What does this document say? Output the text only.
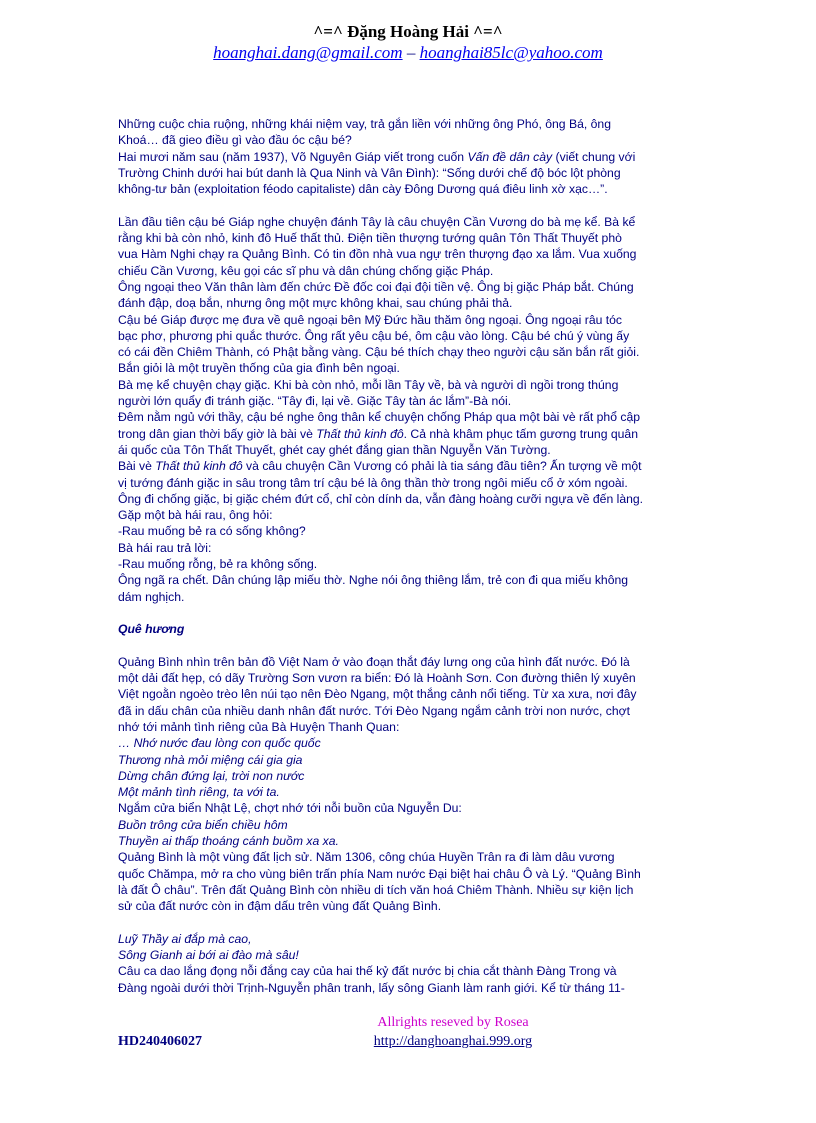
^=^ Đặng Hoàng Hải ^=^
hoanghai.dang@gmail.com – hoanghai85lc@yahoo.com
Những cuộc chia ruộng, những khái niệm vay, trả gắn liền với những ông Phó, ông Bá, ông
Khoá… đã gieo điều gì vào đầu óc cậu bé?
Hai mươi năm sau (năm 1937), Võ Nguyên Giáp viết trong cuốn Vấn đề dân cày (viết chung với
Trường Chinh dưới hai bút danh là Qua Ninh và Vân Đình): “Sống dưới chế độ bóc lột phòng
không-tư bản (exploitation féodo capitaliste) dân cày Đông Dương quá điêu linh xờ xạc…”.
Lần đầu tiên cậu bé Giáp nghe chuyện đánh Tây là câu chuyện Cần Vương do bà mẹ kể. Bà kể
rằng khi bà còn nhỏ, kinh đô Huế thất thủ. Điện tiền thượng tướng quân Tôn Thất Thuyết phò
vua Hàm Nghi chạy ra Quảng Bình. Có tin đồn nhà vua ngự trên thượng đạo xa lắm. Vua xuống
chiếu Cần Vương, kêu gọi các sĩ phu và dân chúng chống giặc Pháp.
Ông ngoại theo Văn thân làm đến chức Đề đốc coi đại đội tiền vệ. Ông bị giặc Pháp bắt. Chúng
đánh đập, doạ bắn, nhưng ông một mực không khai, sau chúng phải thả.
Cậu bé Giáp được mẹ đưa về quê ngoại bên Mỹ Đức hầu thăm ông ngoại. Ông ngoại râu tóc
bạc phơ, phương phi quắc thước. Ông rất yêu cậu bé, ôm cậu vào lòng. Cậu bé chú ý vùng ấy
có cái đền Chiêm Thành, có Phật bằng vàng. Cậu bé thích chạy theo người cậu săn bắn rất giỏi.
Bắn giỏi là một truyền thống của gia đình bên ngoại.
Bà mẹ kể chuyện chạy giặc. Khi bà còn nhỏ, mỗi lần Tây về, bà và người dì ngồi trong thúng
người lớn quẩy đi tránh giặc. “Tây đi, lại về. Giặc Tây tàn ác lắm”-Bà nói.
Đêm nằm ngủ với thầy, cậu bé nghe ông thân kể chuyện chống Pháp qua một bài vè rất phổ cập
trong dân gian thời bấy giờ là bài vè Thất thủ kinh đô. Cả nhà khâm phục tấm gương trung quân
ái quốc của Tôn Thất Thuyết, ghét cay ghét đắng gian thần Nguyễn Văn Tường.
Bài vè Thất thủ kinh đô và câu chuyện Cần Vương có phải là tia sáng đầu tiên? Ấn tượng về một
vị tướng đánh giặc in sâu trong tâm trí cậu bé là ông thần thờ trong ngôi miếu cổ ở xóm ngoài.
Ông đi chống giặc, bị giặc chém đứt cổ, chỉ còn dính da, vẫn đàng hoàng cưỡi ngựa về đến làng.
Gặp một bà hái rau, ông hỏi:
-Rau muống bẻ ra có sống không?
Bà hái rau trả lời:
-Rau muống rỗng, bẻ ra không sống.
Ông ngã ra chết. Dân chúng lập miếu thờ. Nghe nói ông thiêng lắm, trẻ con đi qua miếu không
dám nghịch.
Quê hương
Quảng Bình nhìn trên bản đồ Việt Nam ở vào đoạn thắt đáy lưng ong của hình đất nước. Đó là
một dải đất hẹp, có dãy Trường Sơn vươn ra biển: Đó là Hoành Sơn. Con đường thiên lý xuyên
Việt ngoằn ngoèo trèo lên núi tạo nên Đèo Ngang, một thắng cảnh nổi tiếng. Từ xa xưa, nơi đây
đã in dấu chân của nhiều danh nhân đất nước. Tới Đèo Ngang ngắm cảnh trời non nước, chợt
nhớ tới mảnh tình riêng của Bà Huyện Thanh Quan:
… Nhớ nước đau lòng con quốc quốc
Thương nhà mỏi miệng cái gia gia
Dừng chân đứng lại, trời non nước
Một mảnh tình riêng, ta với ta.
Ngắm cửa biển Nhật Lệ, chợt nhớ tới nỗi buồn của Nguyễn Du:
Buồn trông cửa biển chiều hôm
Thuyền ai thấp thoáng cánh buồm xa xa.
Quảng Bình là một vùng đất lịch sử. Năm 1306, công chúa Huyền Trân ra đi làm dâu vương
quốc Chămpa, mở ra cho vùng biên trấn phía Nam nước Đại biệt hai châu Ô và Lý. “Quảng Bình
là đất Ô châu”. Trên đất Quảng Bình còn nhiều di tích văn hoá Chiêm Thành. Nhiều sự kiện lịch
sử của đất nước còn in đậm dấu trên vùng đất Quảng Bình.
Luỹ Thầy ai đắp mà cao,
Sông Gianh ai bới ai đào mà sâu!
Câu ca dao lắng đọng nỗi đắng cay của hai thế kỷ đất nước bị chia cắt thành Đàng Trong và
Đàng ngoài dưới thời Trịnh-Nguyễn phân tranh, lấy sông Gianh làm ranh giới. Kể từ tháng 11-
Allrights reseved by Rosea
HD240406027	http://danghoanghai.999.org
